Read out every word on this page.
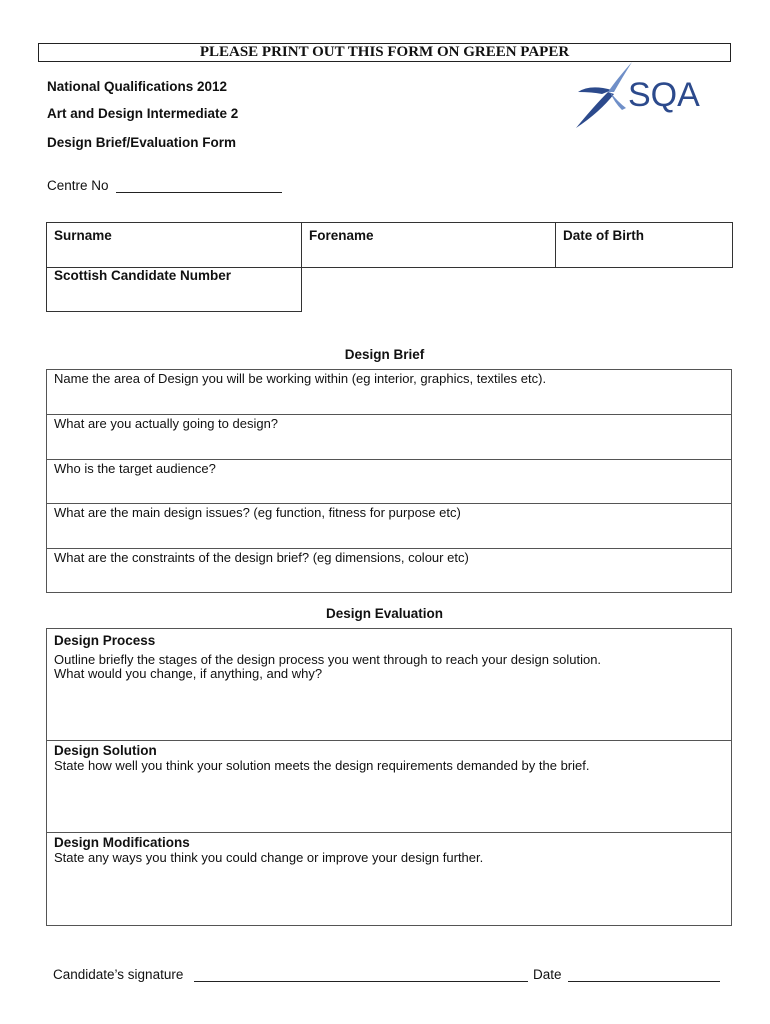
PLEASE PRINT OUT THIS FORM ON GREEN PAPER
National Qualifications 2012
Art and Design Intermediate 2
Design Brief/Evaluation Form
SQA
Centre No
Surname	Forename	Date of Birth
Scottish Candidate Number
Design Brief
Name the area of Design you will be working within (eg interior, graphics, textiles etc).
What are you actually going to design?
Who is the target audience?
What are the main design issues? (eg function, fitness for purpose etc)
What are the constraints of the design brief? (eg dimensions, colour etc)
Design Evaluation
Design Process
Outline briefly the stages of the design process you went through to reach your design solution.
What would you change, if anything, and why?
Design Solution
State how well you think your solution meets the design requirements demanded by the brief.
Design Modifications
State any ways you think you could change or improve your design further.
Candidate’s signature	Date
